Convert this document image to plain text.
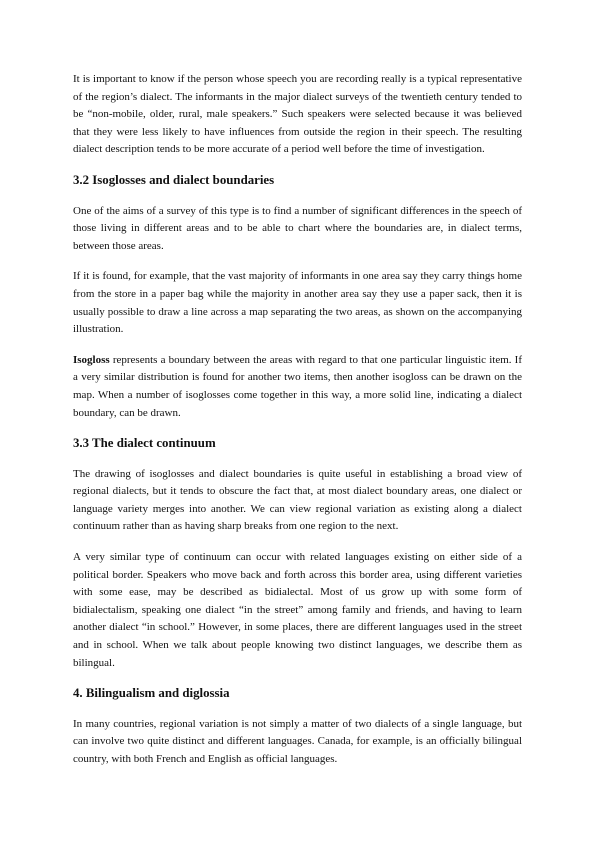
It is important to know if the person whose speech you are recording really is a typical representative of the region’s dialect. The informants in the major dialect surveys of the twentieth century tended to be “non-mobile, older, rural, male speakers.” Such speakers were selected because it was believed that they were less likely to have influences from outside the region in their speech. The resulting dialect description tends to be more accurate of a period well before the time of investigation.

3.2 Isoglosses and dialect boundaries

One of the aims of a survey of this type is to find a number of significant differences in the speech of those living in different areas and to be able to chart where the boundaries are, in dialect terms, between those areas.

If it is found, for example, that the vast majority of informants in one area say they carry things home from the store in a paper bag while the majority in another area say they use a paper sack, then it is usually possible to draw a line across a map separating the two areas, as shown on the accompanying illustration.

Isogloss represents a boundary between the areas with regard to that one particular linguistic item. If a very similar distribution is found for another two items, then another isogloss can be drawn on the map. When a number of isoglosses come together in this way, a more solid line, indicating a dialect boundary, can be drawn.

3.3 The dialect continuum

The drawing of isoglosses and dialect boundaries is quite useful in establishing a broad view of regional dialects, but it tends to obscure the fact that, at most dialect boundary areas, one dialect or language variety merges into another. We can view regional variation as existing along a dialect continuum rather than as having sharp breaks from one region to the next.

A very similar type of continuum can occur with related languages existing on either side of a political border. Speakers who move back and forth across this border area, using different varieties with some ease, may be described as bidialectal. Most of us grow up with some form of bidialectalism, speaking one dialect “in the street” among family and friends, and having to learn another dialect “in school.” However, in some places, there are different languages used in the street and in school. When we talk about people knowing two distinct languages, we describe them as bilingual.

4. Bilingualism and diglossia

In many countries, regional variation is not simply a matter of two dialects of a single language, but can involve two quite distinct and different languages. Canada, for example, is an officially bilingual country, with both French and English as official languages.
